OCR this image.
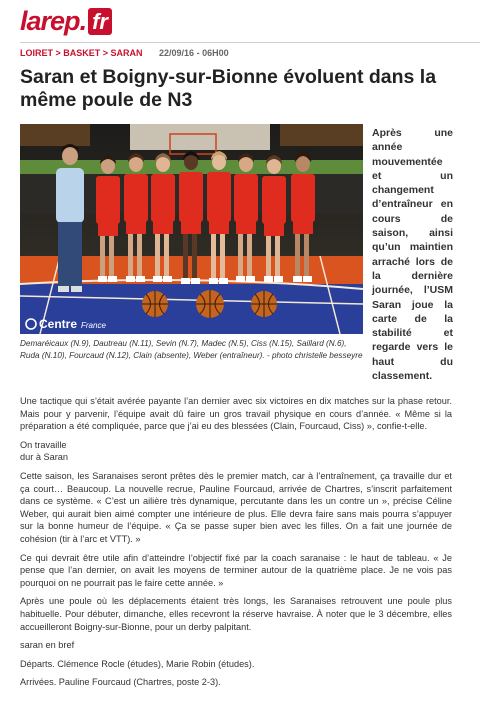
la rep . fr
LOIRET > BASKET > SARAN 22/09/16 - 06H00
Saran et Boigny-sur-Bionne évoluent dans la même poule de N3
Centre France
Demaréicaux (N.9), Dautreau (N.11), Sevin (N.7), Madec (N.5), Ciss (N.15), Saillard (N.6), Ruda (N.10), Fourcaud (N.12), Clain (absente), Weber (entraîneur). - photo christelle besseyre
Après une année mouvementée et un changement d’entraîneur en cours de saison, ainsi qu’un maintien arraché lors de la dernière journée, l’USM Saran joue la carte de la stabilité et regarde vers le haut du classement.

Une tactique qui s’était avérée payante l’an dernier avec six victoires en dix matches sur la phase retour. Mais pour y parvenir, l’équipe avait dû faire un gros travail physique en cours d’année. « Même si la préparation a été compliquée, parce que j’ai eu des blessées (Clain, Fourcaud, Ciss) », confie-t-elle.

On travaille

dur à Saran

Cette saison, les Saranaises seront prêtes dès le premier match, car à l’entraînement, ça travaille dur et ça court… Beaucoup. La nouvelle recrue, Pauline Fourcaud, arrivée de Chartres, s’inscrit parfaitement dans ce système. « C’est un ailière très dynamique, percutante dans les un contre un », précise Céline Weber, qui aurait bien aimé compter une intérieure de plus. Elle devra faire sans mais pourra s’appuyer sur la bonne humeur de l’équipe. « Ça se passe super bien avec les filles. On a fait une journée de cohésion (tir à l’arc et VTT). »

Ce qui devrait être utile afin d’atteindre l’objectif fixé par la coach saranaise : le haut de tableau. « Je pense que l’an dernier, on avait les moyens de terminer autour de la quatrième place. Je ne vois pas pourquoi on ne pourrait pas le faire cette année. »

Après une poule où les déplacements étaient très longs, les Saranaises retrouvent une poule plus habituelle. Pour débuter, dimanche, elles recevront la réserve havraise. À noter que le 3 décembre, elles accueilleront Boigny-sur-Bionne, pour un derby palpitant.

saran en bref

Départs. Clémence Rocle (études), Marie Robin (études).

Arrivées. Pauline Fourcaud (Chartres, poste 2-3).
